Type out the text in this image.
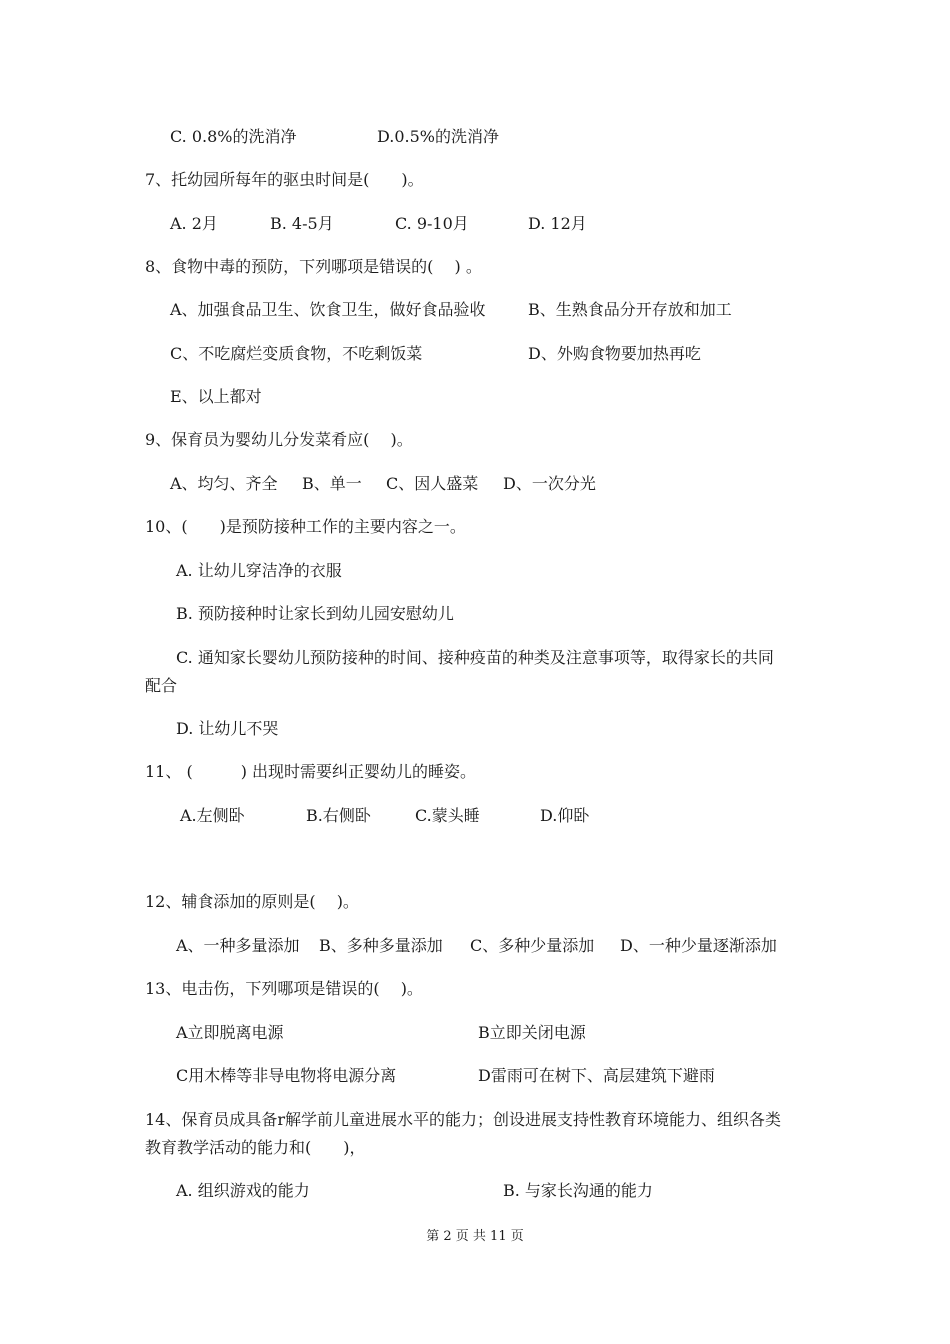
C. 0.8%的洗消净	D.0.5%的洗消净
7、托幼园所每年的驱虫时间是(　　)。
A. 2月	B. 4-5月	C. 9-10月	D. 12月
8、食物中毒的预防，下列哪项是错误的(　 ) 。
A、加强食品卫生、饮食卫生，做好食品验收	B、生熟食品分开存放和加工
C、不吃腐烂变质食物，不吃剩饭菜	D、外购食物要加热再吃
E、以上都对
9、保育员为婴幼儿分发菜肴应(　 )。
A、均匀、齐全 B、单一 C、因人盛菜 D、一次分光
10、(　　)是预防接种工作的主要内容之一。
A. 让幼儿穿洁净的衣服
B. 预防接种时让家长到幼儿园安慰幼儿
C. 通知家长婴幼儿预防接种的时间、接种疫苗的种类及注意事项等，取得家长的共同
配合
D. 让幼儿不哭
11、 (　　　) 出现时需要纠正婴幼儿的睡姿。
A.左侧卧	B.右侧卧	C.蒙头睡	D.仰卧
12、辅食添加的原则是(　 )。
A、一种多量添加 B、多种多量添加 C、多种少量添加 D、一种少量逐渐添加
13、电击伤，下列哪项是错误的(　 )。
A立即脱离电源	B立即关闭电源
C用木棒等非导电物将电源分离	D雷雨可在树下、高层建筑下避雨
14、保育员成具备r解学前儿童进展水平的能力；创设进展支持性教育环境能力、组织各类
教育教学活动的能力和(　　)，
A. 组织游戏的能力	B. 与家长沟通的能力
第 2 页 共 11 页
